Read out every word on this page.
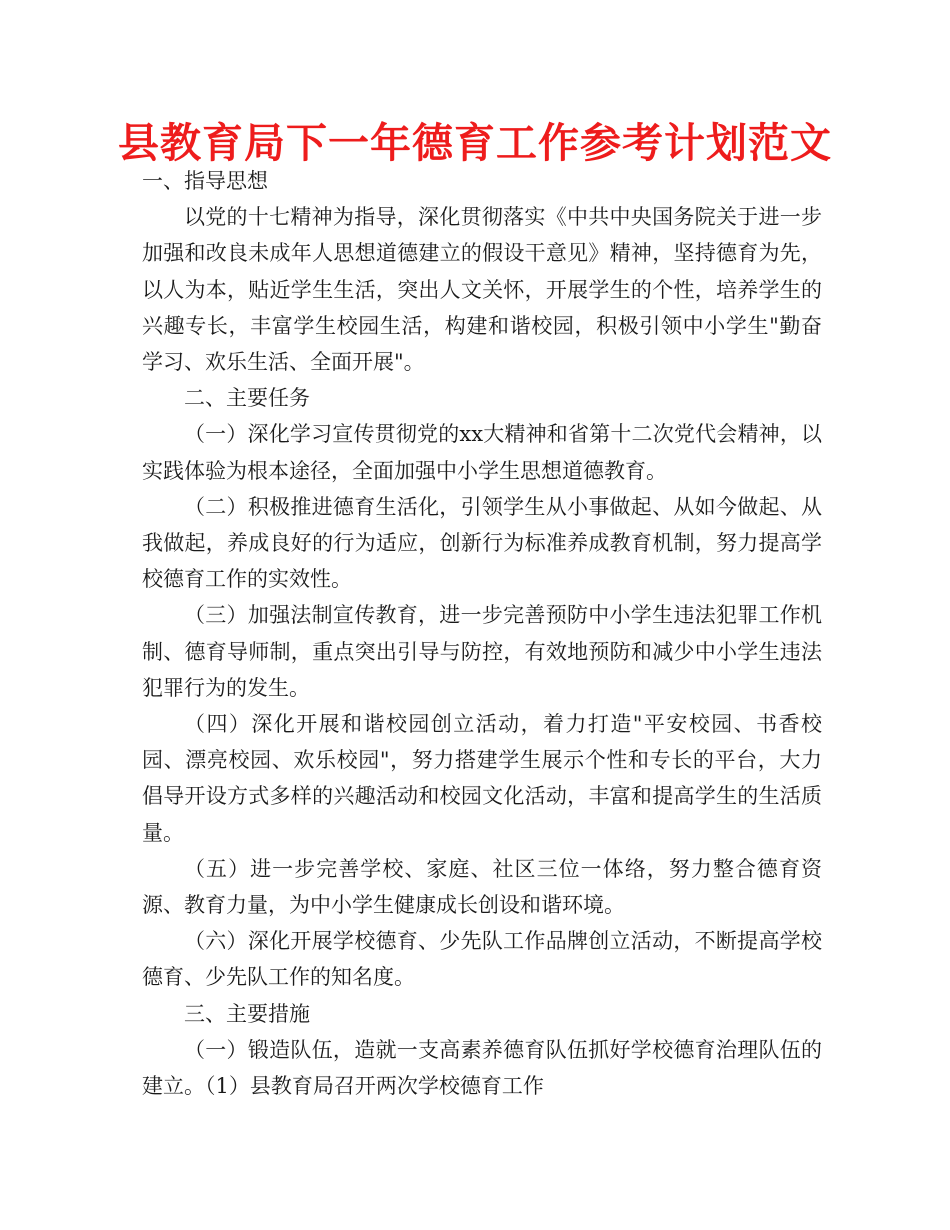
县教育局下一年德育工作参考计划范文

一、指导思想

以党的十七精神为指导，深化贯彻落实《中共中央国务院关于进一步加强和改良未成年人思想道德建立的假设干意见》精神，坚持德育为先，以人为本，贴近学生生活，突出人文关怀，开展学生的个性，培养学生的兴趣专长，丰富学生校园生活，构建和谐校园，积极引领中小学生"勤奋学习、欢乐生活、全面开展"。

二、主要任务

（一）深化学习宣传贯彻党的xx大精神和省第十二次党代会精神，以实践体验为根本途径，全面加强中小学生思想道德教育。

（二）积极推进德育生活化，引领学生从小事做起、从如今做起、从我做起，养成良好的行为适应，创新行为标准养成教育机制，努力提高学校德育工作的实效性。

（三）加强法制宣传教育，进一步完善预防中小学生违法犯罪工作机制、德育导师制，重点突出引导与防控，有效地预防和减少中小学生违法犯罪行为的发生。

（四）深化开展和谐校园创立活动，着力打造"平安校园、书香校园、漂亮校园、欢乐校园"，努力搭建学生展示个性和专长的平台，大力倡导开设方式多样的兴趣活动和校园文化活动，丰富和提高学生的生活质量。

（五）进一步完善学校、家庭、社区三位一体络，努力整合德育资源、教育力量，为中小学生健康成长创设和谐环境。

（六）深化开展学校德育、少先队工作品牌创立活动，不断提高学校德育、少先队工作的知名度。

三、主要措施

（一）锻造队伍，造就一支高素养德育队伍抓好学校德育治理队伍的建立。（1）县教育局召开两次学校德育工作
